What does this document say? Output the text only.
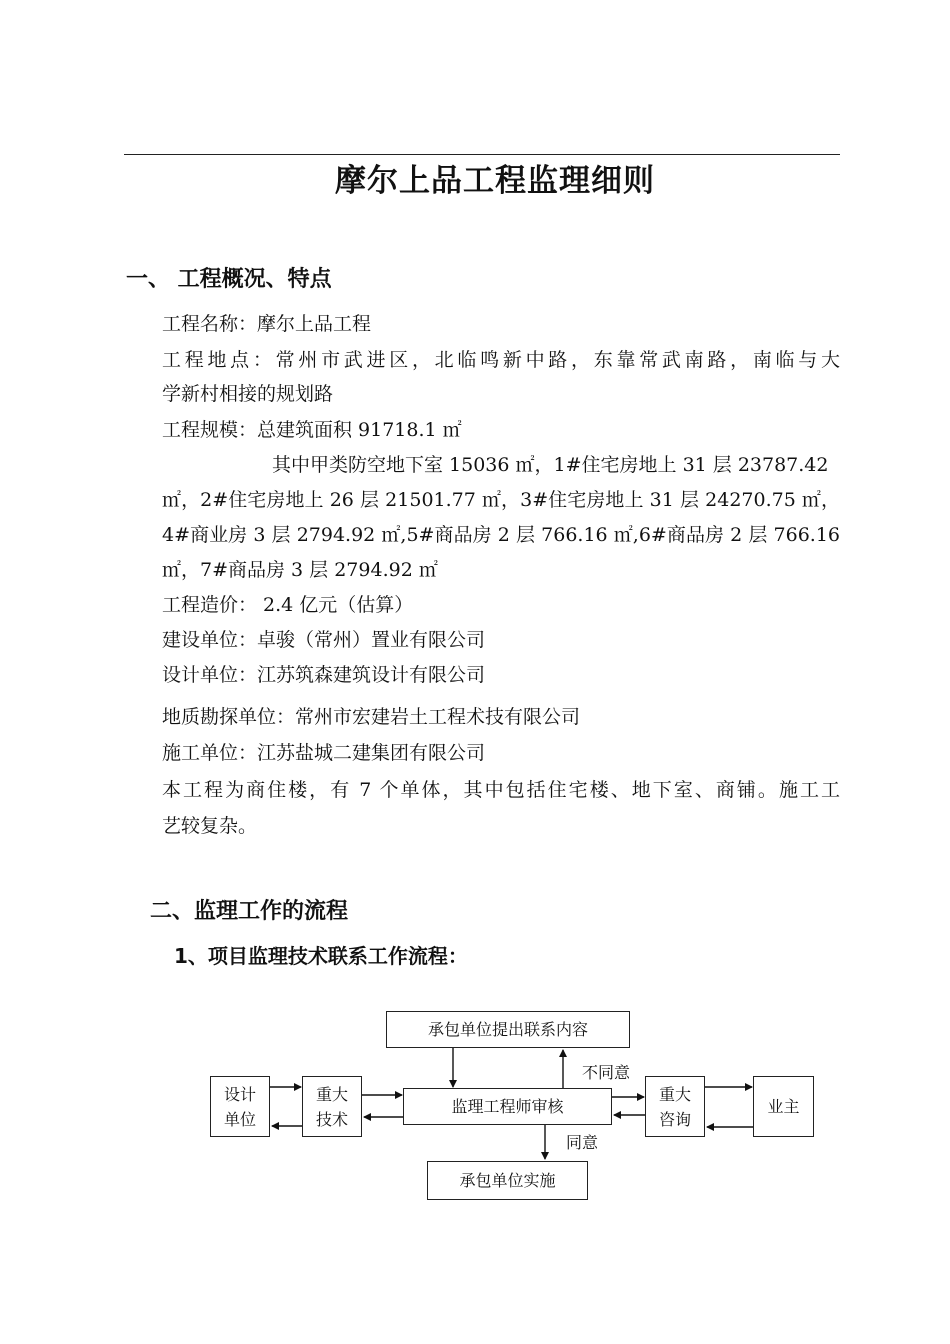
摩尔上品工程监理细则
一、 工程概况、特点
工程名称：摩尔上品工程
工程地点：常州市武进区，北临鸣新中路，东靠常武南路，南临与大
学新村相接的规划路
工程规模：总建筑面积 91718.1 ㎡
其中甲类防空地下室 15036 ㎡，1#住宅房地上 31 层 23787.42
㎡，2#住宅房地上 26 层 21501.77 ㎡，3#住宅房地上 31 层 24270.75 ㎡，
4#商业房 3 层 2794.92 ㎡,5#商品房 2 层 766.16 ㎡,6#商品房 2 层 766.16
㎡，7#商品房 3 层 2794.92 ㎡
工程造价： 2.4 亿元（估算）
建设单位：卓骏（常州）置业有限公司
设计单位：江苏筑森建筑设计有限公司
地质勘探单位：常州市宏建岩土工程术技有限公司
施工单位：江苏盐城二建集团有限公司
本工程为商住楼，有 7 个单体，其中包括住宅楼、地下室、商铺。施工工
艺较复杂。
二、监理工作的流程
1、项目监理技术联系工作流程：
承包单位提出联系内容
监理工程师审核
承包单位实施
设计
单位
重大
技术
重大
咨询
业主
不同意
同意
